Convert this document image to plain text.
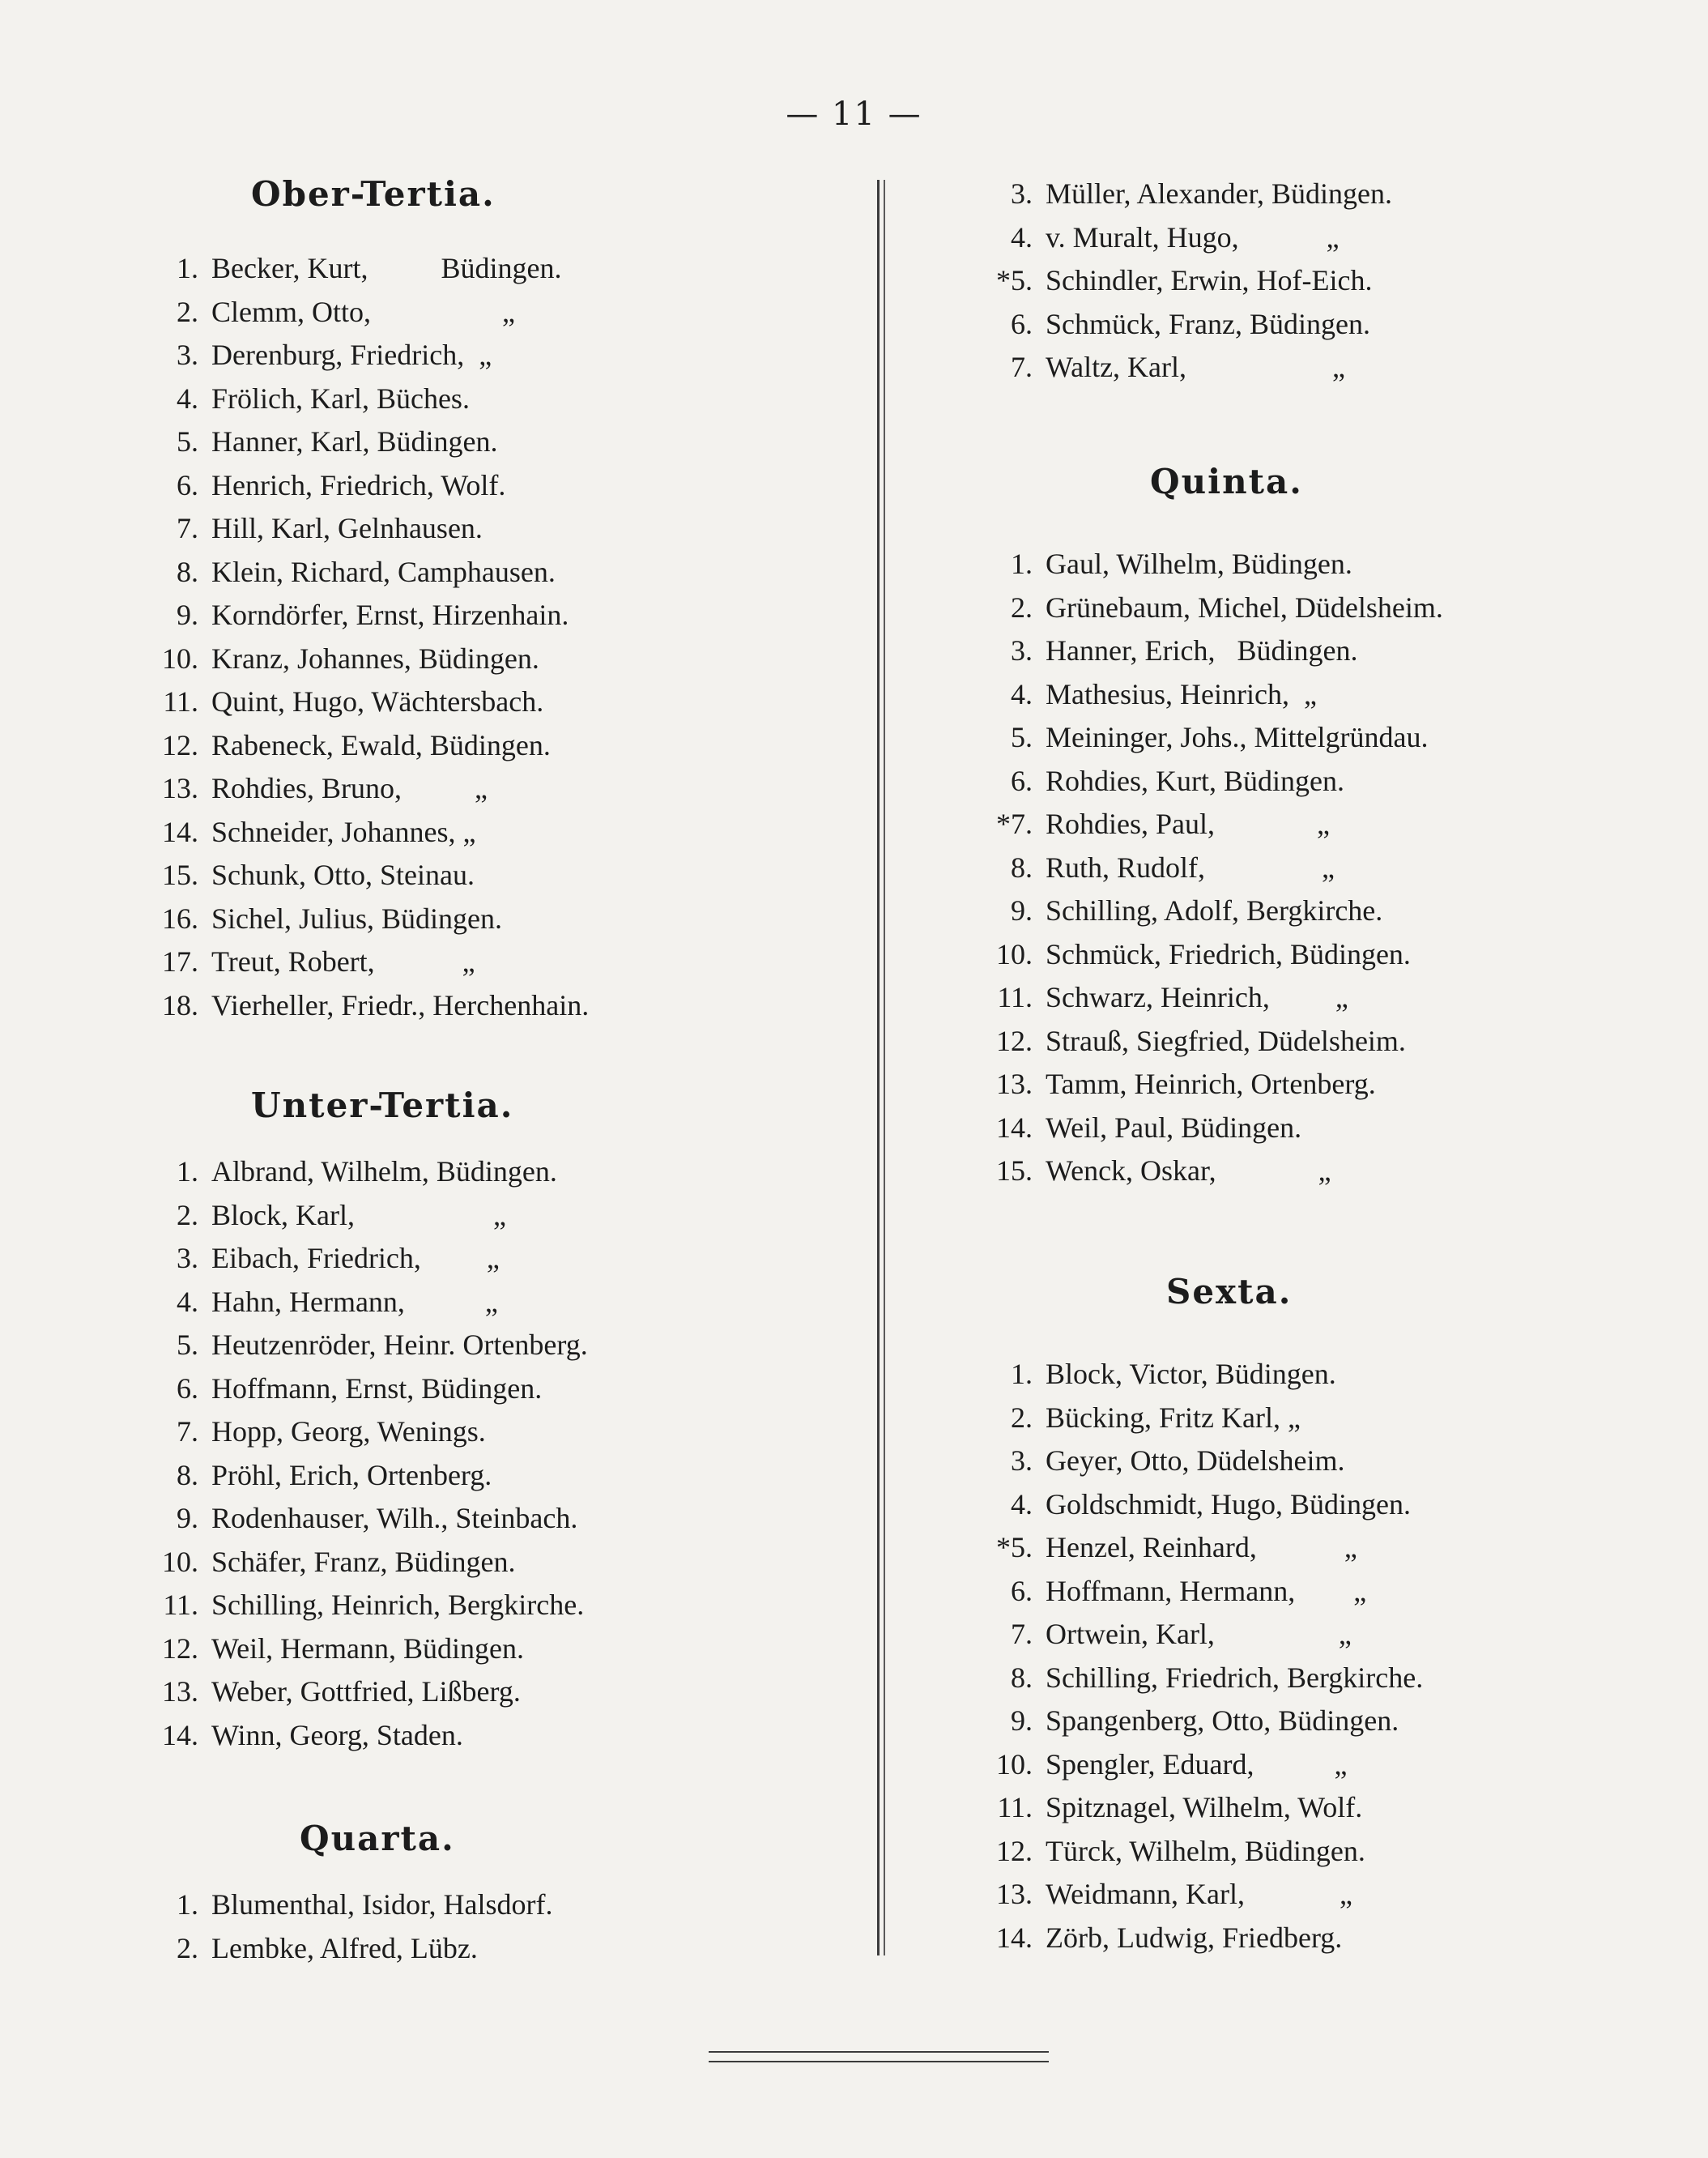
— 11 —
Ober-Tertia.
1. Becker, Kurt,          Büdingen.
2. Clemm, Otto,                  „
3. Derenburg, Friedrich,  „
4. Frölich, Karl, Büches.
5. Hanner, Karl, Büdingen.
6. Henrich, Friedrich, Wolf.
7. Hill, Karl, Gelnhausen.
8. Klein, Richard, Camphausen.
9. Korndörfer, Ernst, Hirzenhain.
10. Kranz, Johannes, Büdingen.
11. Quint, Hugo, Wächtersbach.
12. Rabeneck, Ewald, Büdingen.
13. Rohdies, Bruno,          „
14. Schneider, Johannes, „
15. Schunk, Otto, Steinau.
16. Sichel, Julius, Büdingen.
17. Treut, Robert,            „
18. Vierheller, Friedr., Herchenhain.
Unter-Tertia.
1. Albrand, Wilhelm, Büdingen.
2. Block, Karl,                   „
3. Eibach, Friedrich,         „
4. Hahn, Hermann,           „
5. Heutzenröder, Heinr. Ortenberg.
6. Hoffmann, Ernst, Büdingen.
7. Hopp, Georg, Wenings.
8. Pröhl, Erich, Ortenberg.
9. Rodenhauser, Wilh., Steinbach.
10. Schäfer, Franz, Büdingen.
11. Schilling, Heinrich, Bergkirche.
12. Weil, Hermann, Büdingen.
13. Weber, Gottfried, Lißberg.
14. Winn, Georg, Staden.
Quarta.
1. Blumenthal, Isidor, Halsdorf.
2. Lembke, Alfred, Lübz.
3. Müller, Alexander, Büdingen.
4. v. Muralt, Hugo,            „
*5. Schindler, Erwin, Hof-Eich.
6. Schmück, Franz, Büdingen.
7. Waltz, Karl,                    „
Quinta.
1. Gaul, Wilhelm, Büdingen.
2. Grünebaum, Michel, Düdelsheim.
3. Hanner, Erich,   Büdingen.
4. Mathesius, Heinrich,  „
5. Meininger, Johs., Mittelgründau.
6. Rohdies, Kurt, Büdingen.
*7. Rohdies, Paul,              „
8. Ruth, Rudolf,                „
9. Schilling, Adolf, Bergkirche.
10. Schmück, Friedrich, Büdingen.
11. Schwarz, Heinrich,         „
12. Strauß, Siegfried, Düdelsheim.
13. Tamm, Heinrich, Ortenberg.
14. Weil, Paul, Büdingen.
15. Wenck, Oskar,              „
Sexta.
1. Block, Victor, Büdingen.
2. Bücking, Fritz Karl, „
3. Geyer, Otto, Düdelsheim.
4. Goldschmidt, Hugo, Büdingen.
*5. Henzel, Reinhard,            „
6. Hoffmann, Hermann,        „
7. Ortwein, Karl,                 „
8. Schilling, Friedrich, Bergkirche.
9. Spangenberg, Otto, Büdingen.
10. Spengler, Eduard,           „
11. Spitznagel, Wilhelm, Wolf.
12. Türck, Wilhelm, Büdingen.
13. Weidmann, Karl,             „
14. Zörb, Ludwig, Friedberg.
